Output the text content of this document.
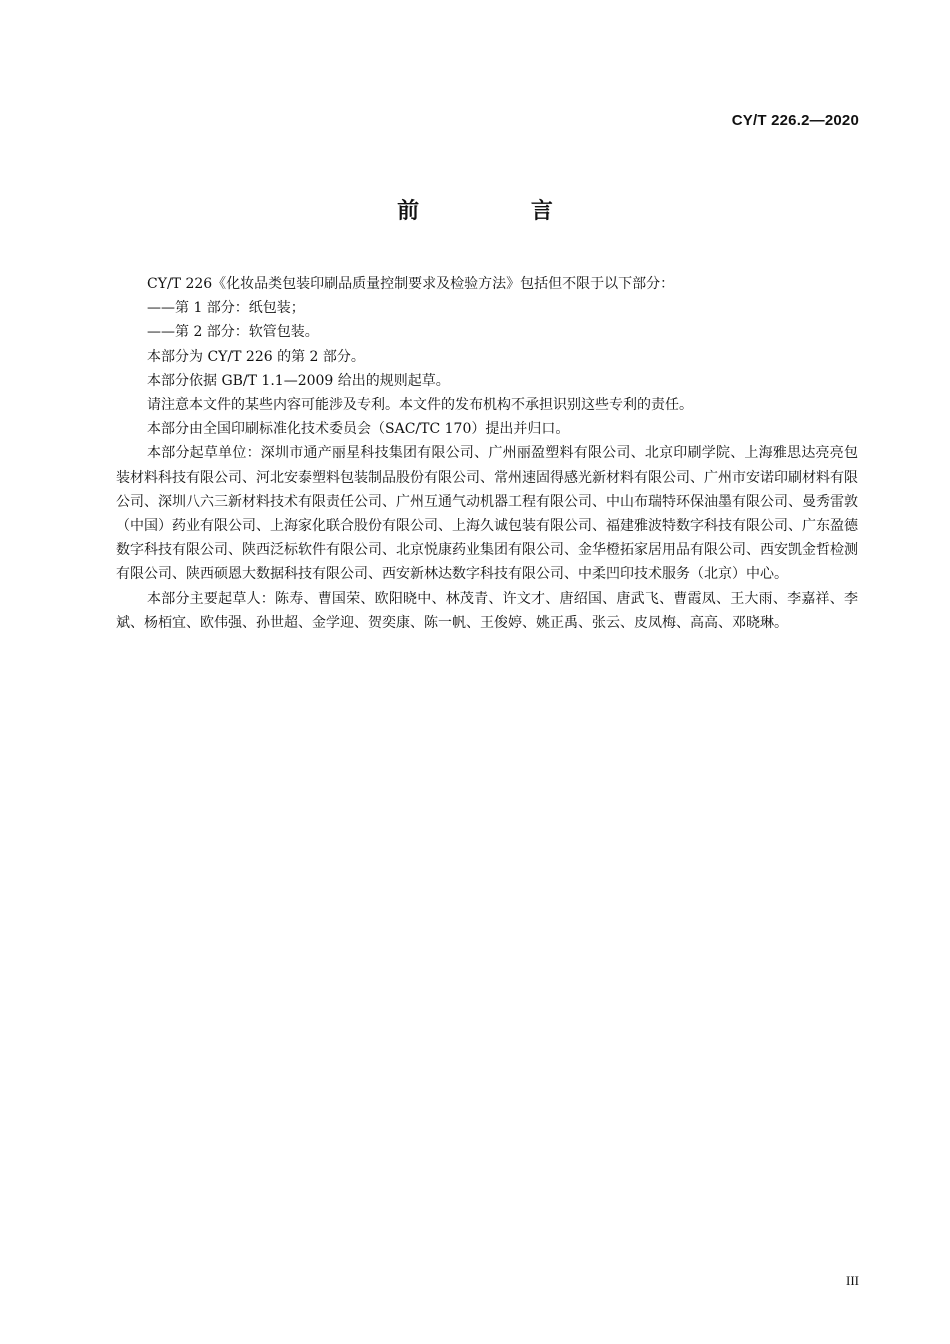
CY/T 226.2—2020
前 言

CY/T 226《化妆品类包装印刷品质量控制要求及检验方法》包括但不限于以下部分：

——第 1 部分：纸包装；

——第 2 部分：软管包装。

本部分为 CY/T 226 的第 2 部分。

本部分依据 GB/T 1.1—2009 给出的规则起草。

请注意本文件的某些内容可能涉及专利。本文件的发布机构不承担识别这些专利的责任。

本部分由全国印刷标准化技术委员会（SAC/TC 170）提出并归口。

本部分起草单位：深圳市通产丽星科技集团有限公司、广州丽盈塑料有限公司、北京印刷学院、上海雅思达亮亮包装材料科技有限公司、河北安泰塑料包装制品股份有限公司、常州速固得感光新材料有限公司、广州市安诺印刷材料有限公司、深圳八六三新材料技术有限责任公司、广州互通气动机器工程有限公司、中山布瑞特环保油墨有限公司、曼秀雷敦（中国）药业有限公司、上海家化联合股份有限公司、上海久诚包装有限公司、福建雅波特数字科技有限公司、广东盈德数字科技有限公司、陕西泛标软件有限公司、北京悦康药业集团有限公司、金华橙拓家居用品有限公司、西安凯金哲检测有限公司、陕西硕恩大数据科技有限公司、西安新林达数字科技有限公司、中柔凹印技术服务（北京）中心。

本部分主要起草人：陈寿、曹国荣、欧阳晓中、林茂青、许文才、唐绍国、唐武飞、曹霞凤、王大雨、李嘉祥、李斌、杨栢宜、欧伟强、孙世超、金学迎、贺奕康、陈一帆、王俊婷、姚正禹、张云、皮凤梅、高高、邓晓琳。

III
